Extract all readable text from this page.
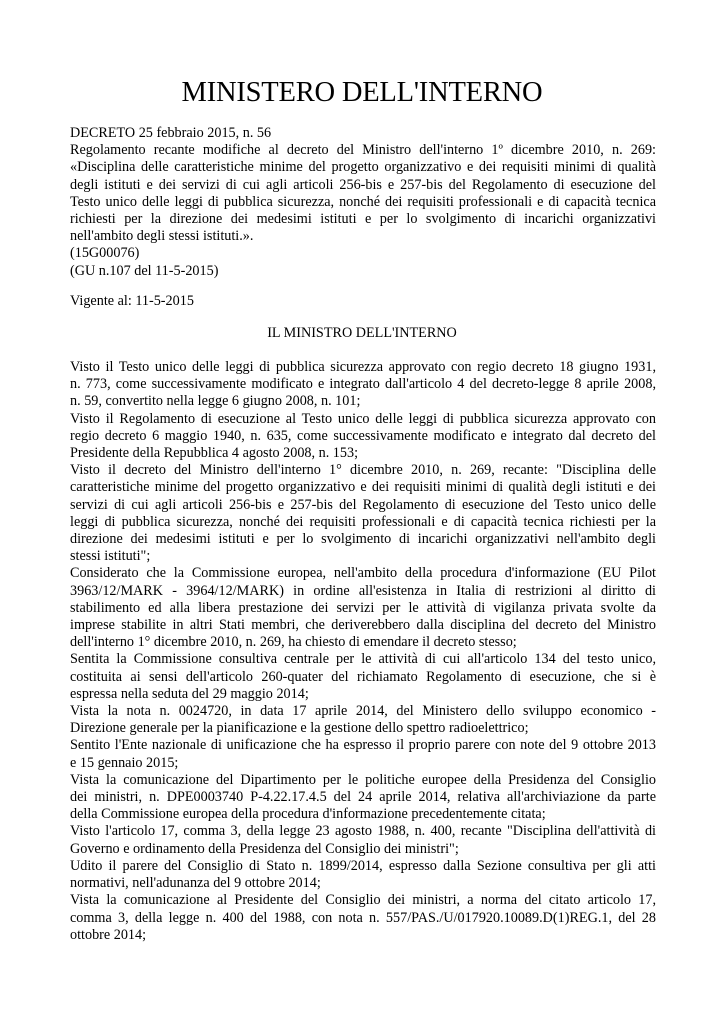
MINISTERO DELL'INTERNO
DECRETO 25 febbraio 2015, n. 56
Regolamento recante modifiche al decreto del Ministro dell'interno 1º dicembre 2010, n. 269:
«Disciplina delle caratteristiche minime del progetto organizzativo e dei requisiti minimi di qualità
degli istituti e dei servizi di cui agli articoli 256-bis e 257-bis del Regolamento di esecuzione del
Testo unico delle leggi di pubblica sicurezza, nonché dei requisiti professionali e di capacità tecnica
richiesti per la direzione dei medesimi istituti e per lo svolgimento di incarichi organizzativi
nell'ambito degli stessi istituti.».
(15G00076)
(GU n.107 del 11-5-2015)
Vigente al: 11-5-2015
IL MINISTRO DELL'INTERNO

Visto il Testo unico delle leggi di pubblica sicurezza approvato con regio decreto 18 giugno 1931,
n. 773, come successivamente modificato e integrato dall'articolo 4 del decreto-legge 8 aprile 2008,
n. 59, convertito nella legge 6 giugno 2008, n. 101;

Visto il Regolamento di esecuzione al Testo unico delle leggi di pubblica sicurezza approvato con
regio decreto 6 maggio 1940, n. 635, come successivamente modificato e integrato dal decreto del
Presidente della Repubblica 4 agosto 2008, n. 153;

Visto il decreto del Ministro dell'interno 1° dicembre 2010, n. 269, recante: "Disciplina delle
caratteristiche minime del progetto organizzativo e dei requisiti minimi di qualità degli istituti e dei
servizi di cui agli articoli 256-bis e 257-bis del Regolamento di esecuzione del Testo unico delle
leggi di pubblica sicurezza, nonché dei requisiti professionali e di capacità tecnica richiesti per la
direzione dei medesimi istituti e per lo svolgimento di incarichi organizzativi nell'ambito degli
stessi istituti";

Considerato che la Commissione europea, nell'ambito della procedura d'informazione (EU Pilot
3963/12/MARK - 3964/12/MARK) in ordine all'esistenza in Italia di restrizioni al diritto di
stabilimento ed alla libera prestazione dei servizi per le attività di vigilanza privata svolte da
imprese stabilite in altri Stati membri, che deriverebbero dalla disciplina del decreto del Ministro
dell'interno 1° dicembre 2010, n. 269, ha chiesto di emendare il decreto stesso;

Sentita la Commissione consultiva centrale per le attività di cui all'articolo 134 del testo unico,
costituita ai sensi dell'articolo 260-quater del richiamato Regolamento di esecuzione, che si è
espressa nella seduta del 29 maggio 2014;

Vista la nota n. 0024720, in data 17 aprile 2014, del Ministero dello sviluppo economico -
Direzione generale per la pianificazione e la gestione dello spettro radioelettrico;

Sentito l'Ente nazionale di unificazione che ha espresso il proprio parere con note del 9 ottobre 2013
e 15 gennaio 2015;

Vista la comunicazione del Dipartimento per le politiche europee della Presidenza del Consiglio
dei ministri, n. DPE0003740 P-4.22.17.4.5 del 24 aprile 2014, relativa all'archiviazione da parte
della Commissione europea della procedura d'informazione precedentemente citata;

Visto l'articolo 17, comma 3, della legge 23 agosto 1988, n. 400, recante "Disciplina dell'attività di
Governo e ordinamento della Presidenza del Consiglio dei ministri";

Udito il parere del Consiglio di Stato n. 1899/2014, espresso dalla Sezione consultiva per gli atti
normativi, nell'adunanza del 9 ottobre 2014;

Vista la comunicazione al Presidente del Consiglio dei ministri, a norma del citato articolo 17,
comma 3, della legge n. 400 del 1988, con nota n. 557/PAS./U/017920.10089.D(1)REG.1, del 28
ottobre 2014;
